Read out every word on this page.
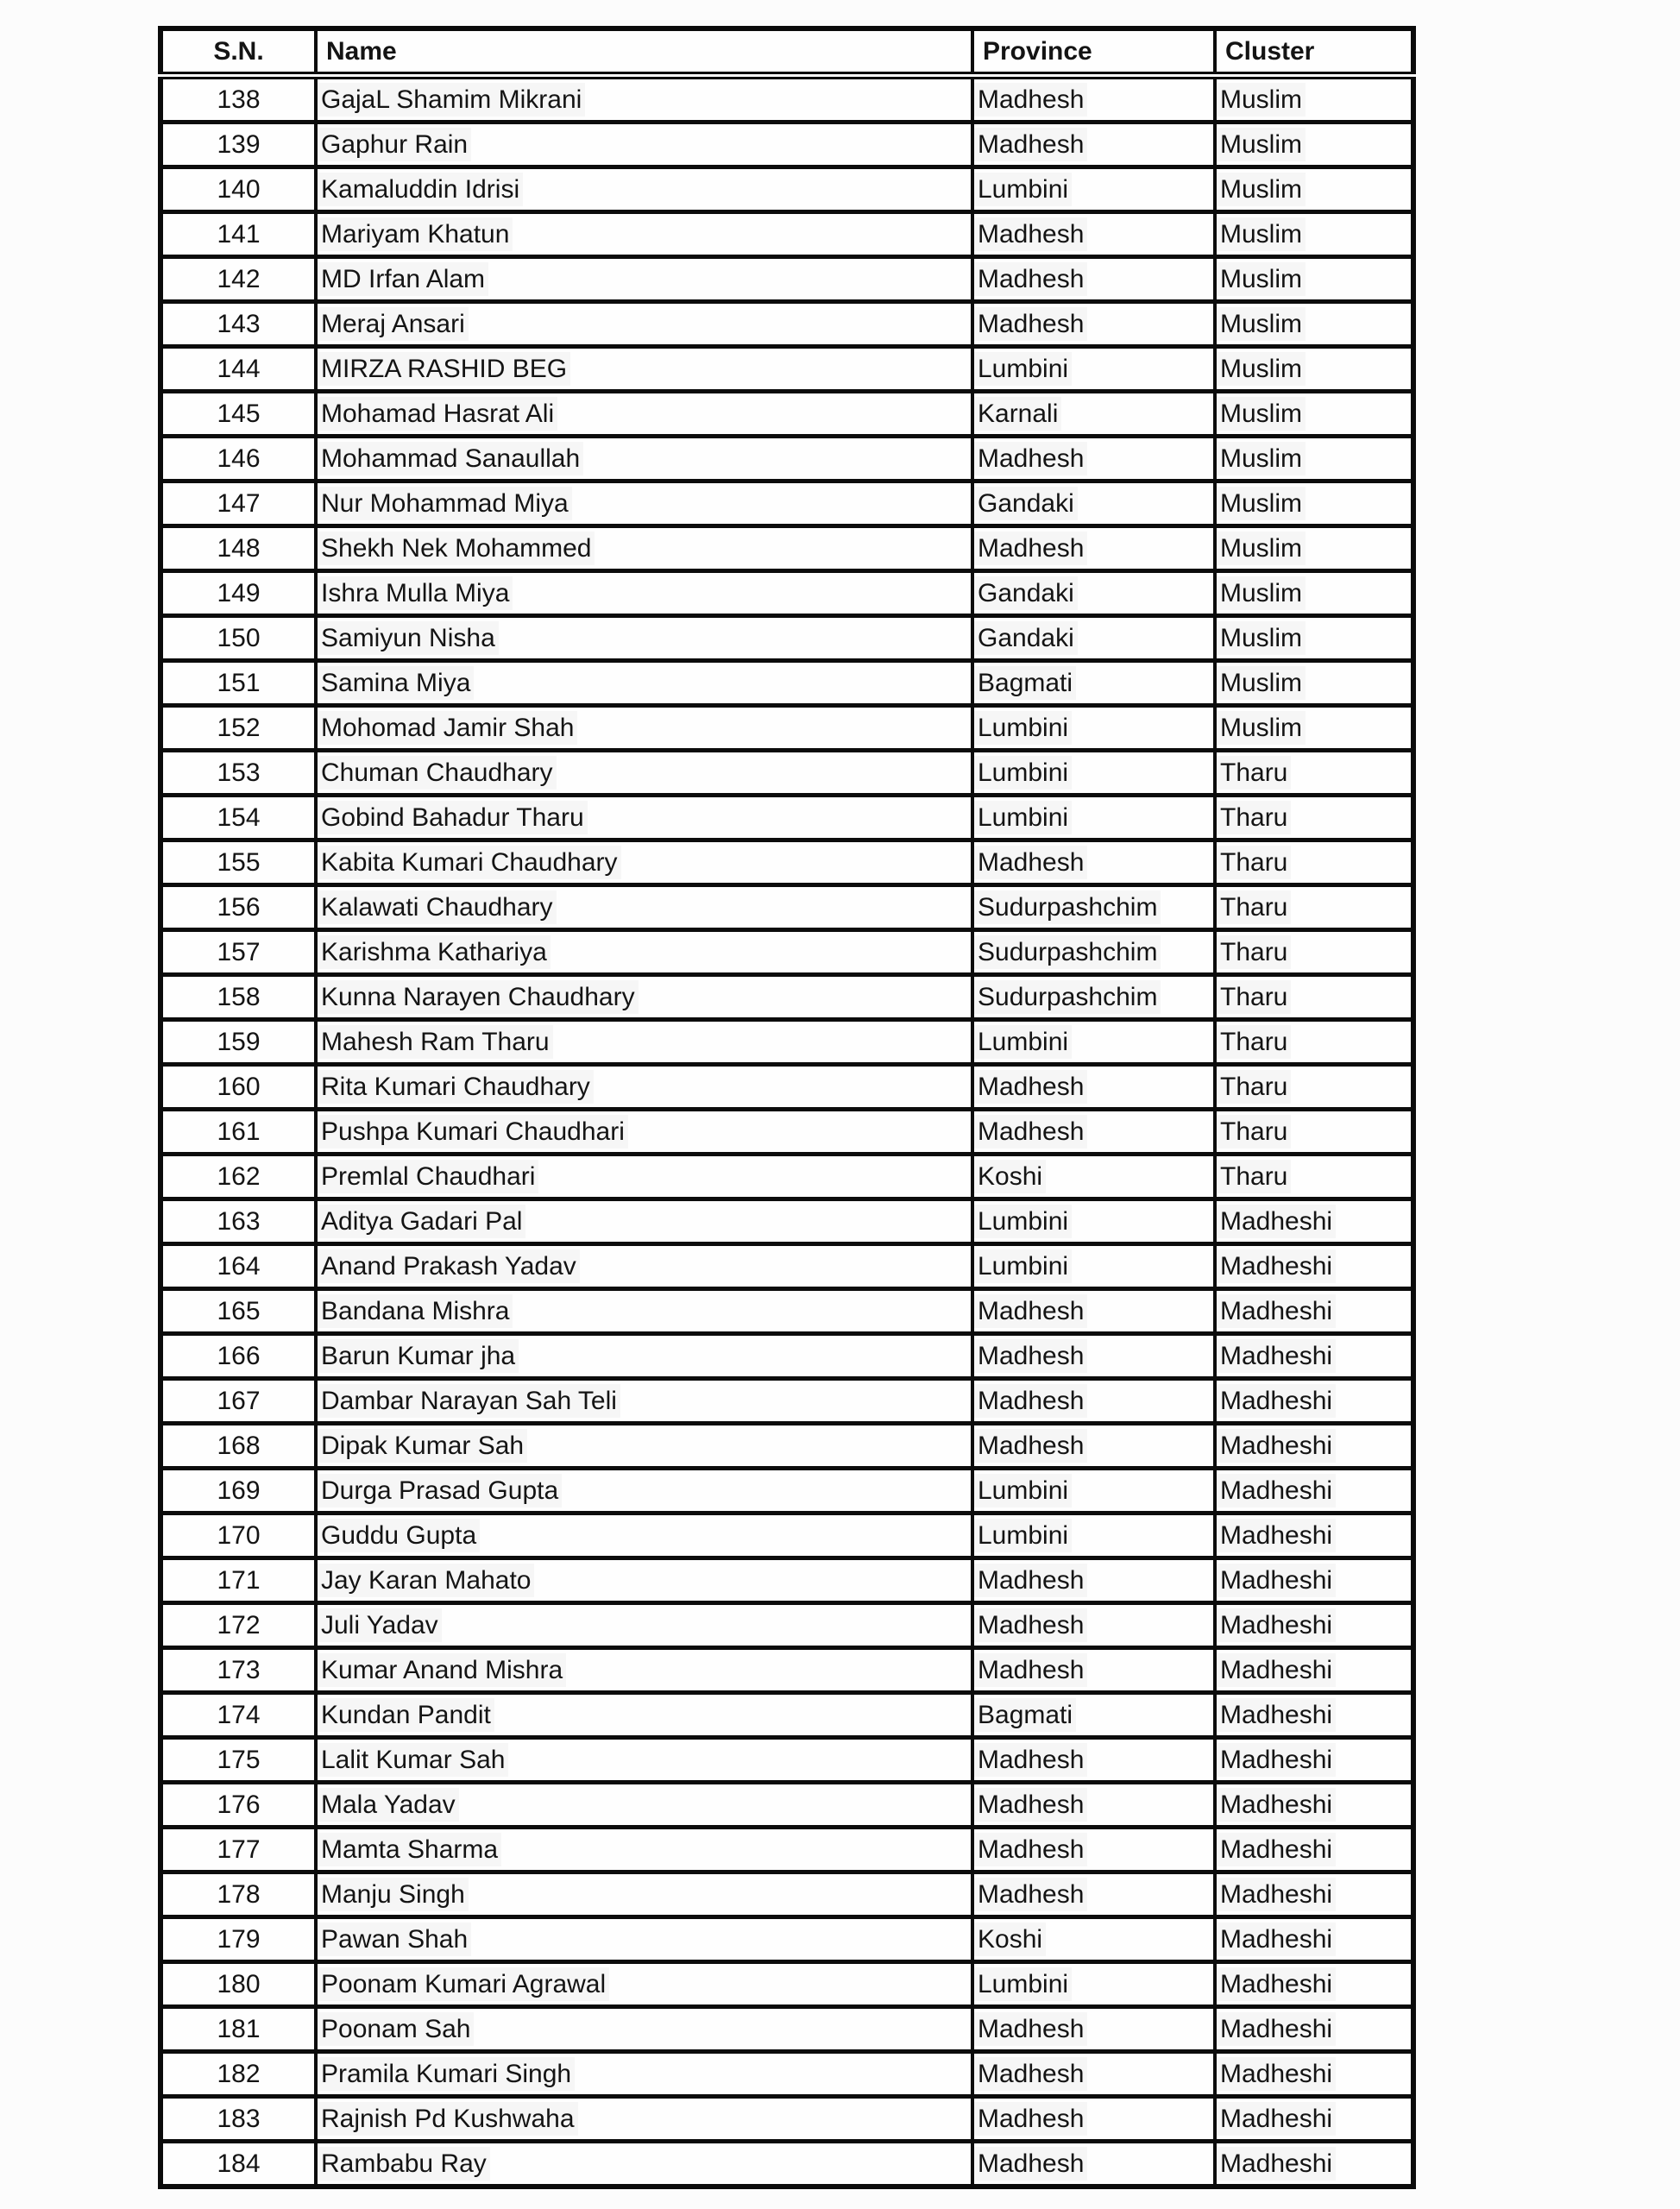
S.N.	Name	Province	Cluster
138	GajaL Shamim Mikrani	Madhesh	Muslim
139	Gaphur Rain	Madhesh	Muslim
140	Kamaluddin Idrisi	Lumbini	Muslim
141	Mariyam Khatun	Madhesh	Muslim
142	MD Irfan Alam	Madhesh	Muslim
143	Meraj Ansari	Madhesh	Muslim
144	MIRZA RASHID BEG	Lumbini	Muslim
145	Mohamad Hasrat Ali	Karnali	Muslim
146	Mohammad Sanaullah	Madhesh	Muslim
147	Nur Mohammad Miya	Gandaki	Muslim
148	Shekh Nek Mohammed	Madhesh	Muslim
149	Ishra Mulla Miya	Gandaki	Muslim
150	Samiyun Nisha	Gandaki	Muslim
151	Samina Miya	Bagmati	Muslim
152	Mohomad Jamir Shah	Lumbini	Muslim
153	Chuman Chaudhary	Lumbini	Tharu
154	Gobind Bahadur Tharu	Lumbini	Tharu
155	Kabita Kumari Chaudhary	Madhesh	Tharu
156	Kalawati Chaudhary	Sudurpashchim	Tharu
157	Karishma Kathariya	Sudurpashchim	Tharu
158	Kunna Narayen Chaudhary	Sudurpashchim	Tharu
159	Mahesh Ram Tharu	Lumbini	Tharu
160	Rita Kumari Chaudhary	Madhesh	Tharu
161	Pushpa Kumari Chaudhari	Madhesh	Tharu
162	Premlal Chaudhari	Koshi	Tharu
163	Aditya Gadari Pal	Lumbini	Madheshi
164	Anand Prakash Yadav	Lumbini	Madheshi
165	Bandana Mishra	Madhesh	Madheshi
166	Barun Kumar jha	Madhesh	Madheshi
167	Dambar Narayan Sah Teli	Madhesh	Madheshi
168	Dipak Kumar Sah	Madhesh	Madheshi
169	Durga Prasad Gupta	Lumbini	Madheshi
170	Guddu Gupta	Lumbini	Madheshi
171	Jay Karan Mahato	Madhesh	Madheshi
172	Juli Yadav	Madhesh	Madheshi
173	Kumar Anand Mishra	Madhesh	Madheshi
174	Kundan Pandit	Bagmati	Madheshi
175	Lalit Kumar Sah	Madhesh	Madheshi
176	Mala Yadav	Madhesh	Madheshi
177	Mamta Sharma	Madhesh	Madheshi
178	Manju Singh	Madhesh	Madheshi
179	Pawan Shah	Koshi	Madheshi
180	Poonam Kumari Agrawal	Lumbini	Madheshi
181	Poonam Sah	Madhesh	Madheshi
182	Pramila Kumari Singh	Madhesh	Madheshi
183	Rajnish Pd Kushwaha	Madhesh	Madheshi
184	Rambabu Ray	Madhesh	Madheshi
